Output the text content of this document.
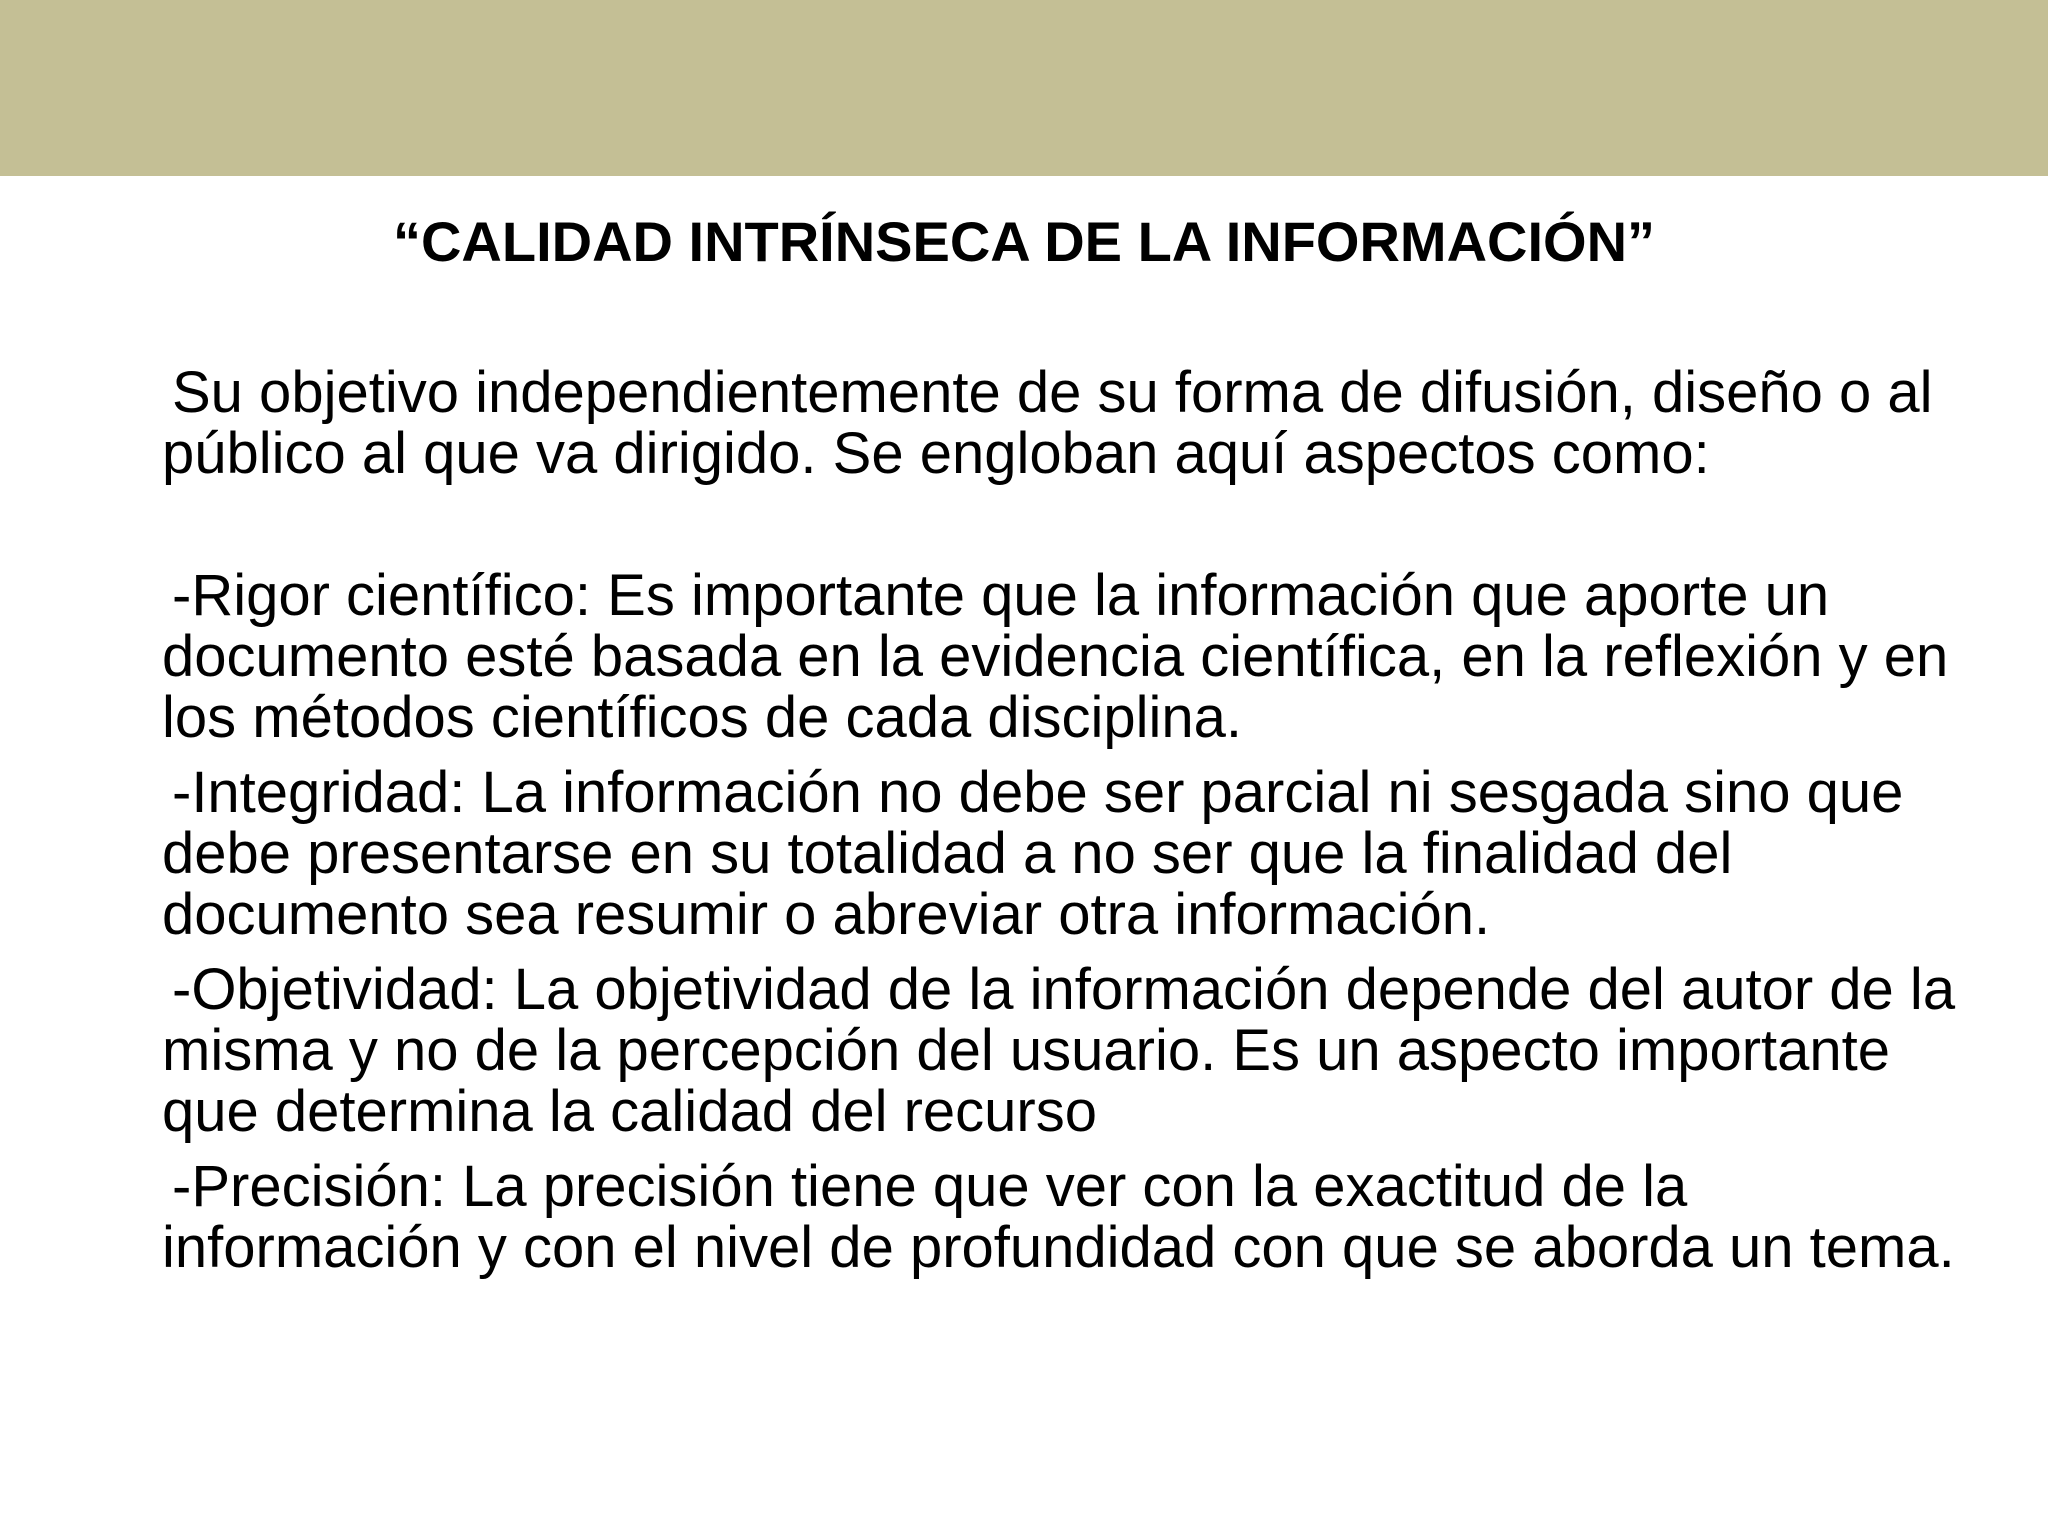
“CALIDAD INTRÍNSECA DE LA INFORMACIÓN”

Su objetivo independientemente de su forma de difusión, diseño o al público al que va dirigido. Se engloban aquí aspectos como:

-Rigor científico: Es importante que la información que aporte un documento esté basada en la evidencia científica, en la reflexión y en los métodos científicos de cada disciplina.

-Integridad: La información no debe ser parcial ni sesgada sino que debe presentarse en su totalidad a no ser que la finalidad del documento sea resumir o abreviar otra información.

-Objetividad: La objetividad de la información depende del autor de la misma y no de la percepción del usuario. Es un aspecto importante que determina la calidad del recurso

-Precisión: La precisión tiene que ver con la exactitud de la información y con el nivel de profundidad con que se aborda un tema.
